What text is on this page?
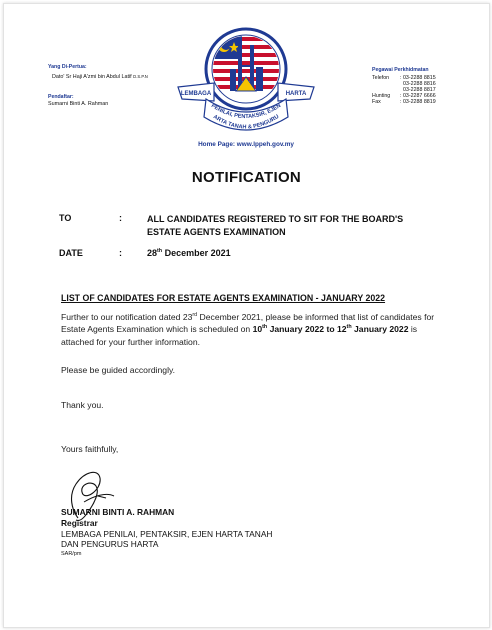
Yang Di-Pertua:
Dato' Sr Haji A'zmi bin Abdul Latif D.S.P.N
Pendaftar:
Sumarni Binti A. Rahman
LEMBAGA	HARTA
PENILAI, PENTAKSIR, EJEN
ARTA TANAH & PENGURU
Home Page: www.lppeh.gov.my
Pegawai Perkhidmatan
Telefon : 03-2288 8815
03-2288 8816
03-2288 8817
Hunting : 03-2287 6666
Fax	: 03-2288 8819
NOTIFICATION
TO	:	ALL CANDIDATES REGISTERED TO SIT FOR THE BOARD'S ESTATE AGENTS EXAMINATION
DATE	:	28th December 2021
LIST OF CANDIDATES FOR ESTATE AGENTS EXAMINATION - JANUARY 2022
Further to our notification dated 23rd December 2021, please be informed that list of candidates for Estate Agents Examination which is scheduled on 10th January 2022 to 12th January 2022 is attached for your further information.
Please be guided accordingly.
Thank you.
Yours faithfully,
SUMARNI BINTI A. RAHMAN
Registrar
LEMBAGA PENILAI, PENTAKSIR, EJEN HARTA TANAH
DAN PENGURUS HARTA
SAR/pm
